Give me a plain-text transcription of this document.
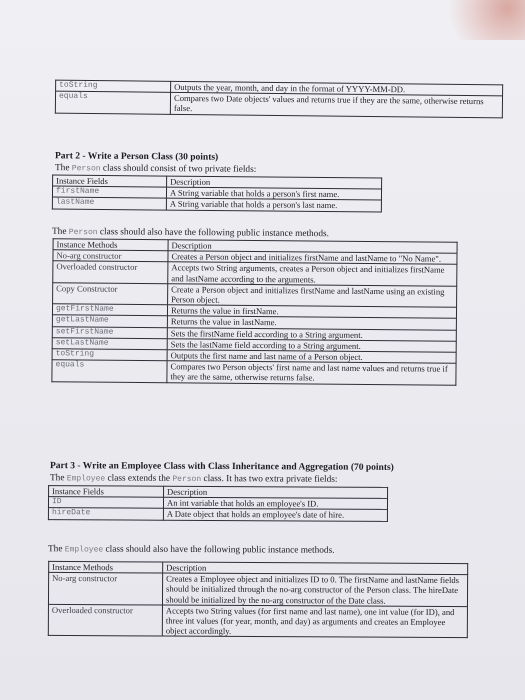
toString	Outputs the year, month, and day in the format of YYYY-MM-DD.
equals	Compares two Date objects' values and returns true if they are the same, otherwise returns false.
Part 2 - Write a Person Class (30 points)
The Person class should consist of two private fields:
Instance Fields	Description
firstName	A String variable that holds a person's first name.
lastName	A String variable that holds a person's last name.
The Person class should also have the following public instance methods.
Instance Methods	Description
No-arg constructor	Creates a Person object and initializes firstName and lastName to "No Name".
Overloaded constructor	Accepts two String arguments, creates a Person object and initializes firstName and lastName according to the arguments.
Copy Constructor	Create a Person object and initializes firstName and lastName using an existing Person object.
getFirstName	Returns the value in firstName.
getLastName	Returns the value in lastName.
setFirstName	Sets the firstName field according to a String argument.
setLastName	Sets the lastName field according to a String argument.
toString	Outputs the first name and last name of a Person object.
equals	Compares two Person objects' first name and last name values and returns true if they are the same, otherwise returns false.
Part 3 - Write an Employee Class with Class Inheritance and Aggregation (70 points)
The Employee class extends the Person class. It has two extra private fields:
Instance Fields	Description
ID	An int variable that holds an employee's ID.
hireDate	A Date object that holds an employee's date of hire.
The Employee class should also have the following public instance methods.
Instance Methods	Description
No-arg constructor	Creates a Employee object and initializes ID to 0. The firstName and lastName fields should be initialized through the no-arg constructor of the Person class. The hireDate should be initialized by the no-arg constructor of the Date class.
Overloaded constructor	Accepts two String values (for first name and last name), one int value (for ID), and three int values (for year, month, and day) as arguments and creates an Employee object accordingly.
